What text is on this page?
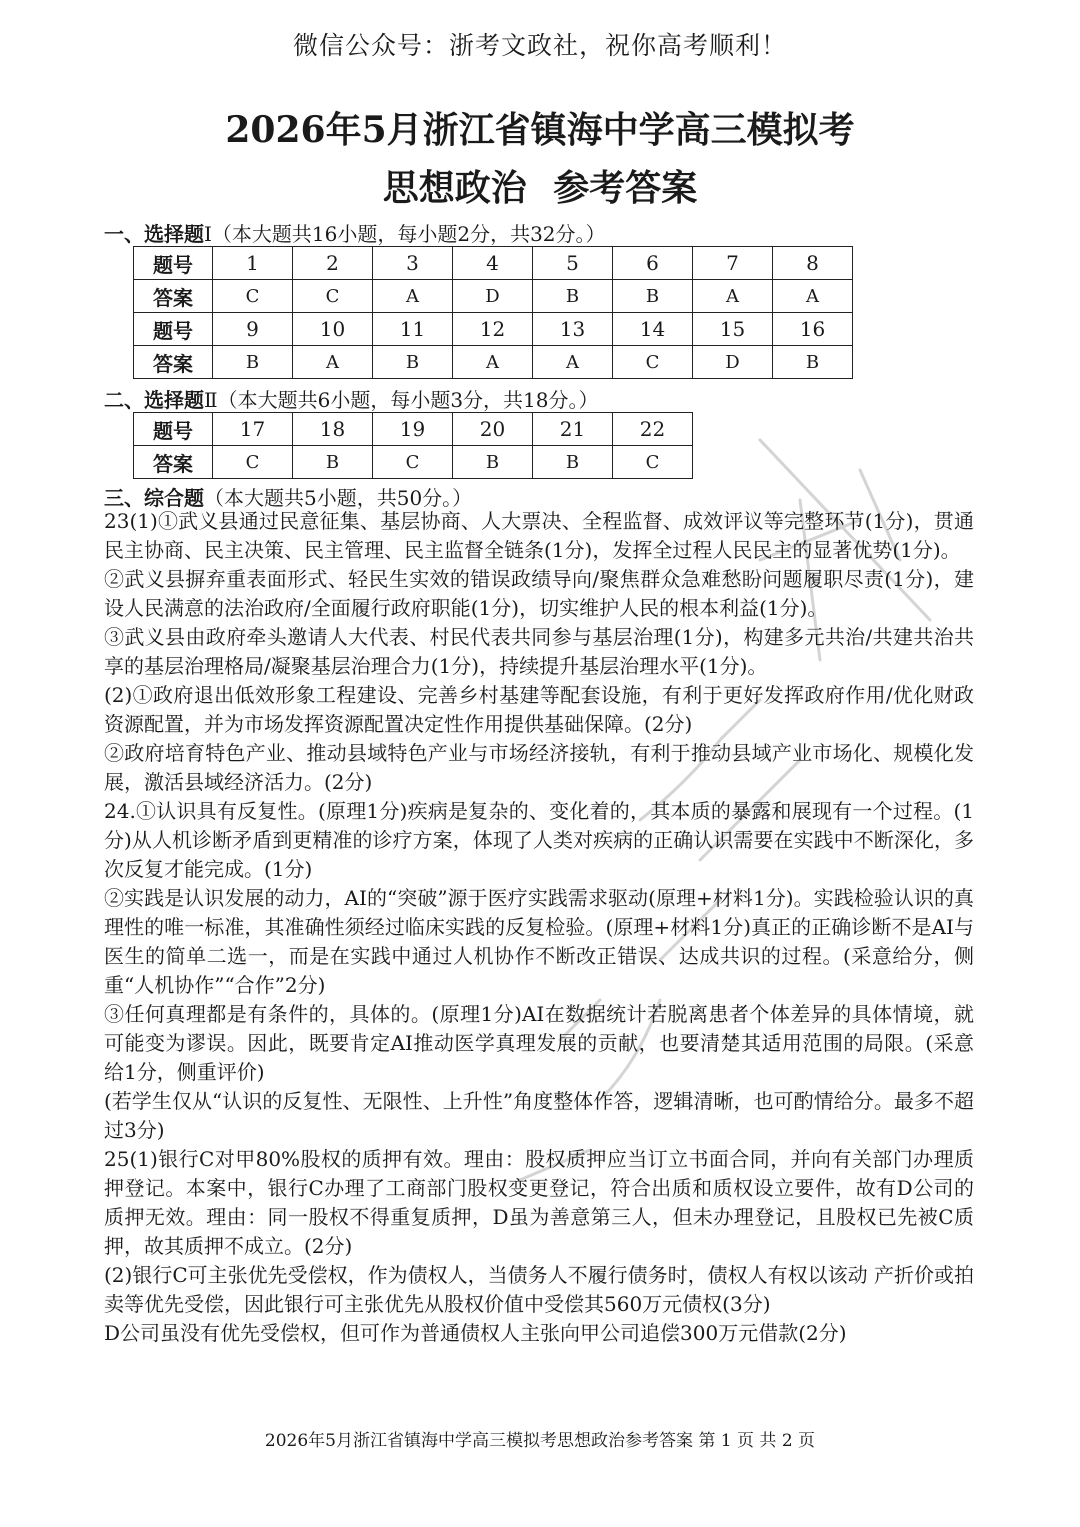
微信公众号：浙考文政社，祝你高考顺利！
2026年5月浙江省镇海中学高三模拟考
思想政治 参考答案
一、选择题I（本大题共16小题，每小题2分，共32分。）
题号	1	2	3	4	5	6	7	8
答案	C	C	A	D	B	B	A	A
题号	9	10	11	12	13	14	15	16
答案	B	A	B	A	A	C	D	B
二、选择题Ⅱ（本大题共6小题，每小题3分，共18分。）
题号	17	18	19	20	21	22
答案	C	B	C	B	B	C
三、综合题（本大题共5小题，共50分。）

23(1)①武义县通过民意征集、基层协商、人大票决、全程监督、成效评议等完整环节(1分)，贯通民主协商、民主决策、民主管理、民主监督全链条(1分)，发挥全过程人民民主的显著优势(1分)。

②武义县摒弃重表面形式、轻民生实效的错误政绩导向/聚焦群众急难愁盼问题履职尽责(1分)，建设人民满意的法治政府/全面履行政府职能(1分)，切实维护人民的根本利益(1分)。

③武义县由政府牵头邀请人大代表、村民代表共同参与基层治理(1分)，构建多元共治/共建共治共享的基层治理格局/凝聚基层治理合力(1分)，持续提升基层治理水平(1分)。

(2)①政府退出低效形象工程建设、完善乡村基建等配套设施，有利于更好发挥政府作用/优化财政资源配置，并为市场发挥资源配置决定性作用提供基础保障。(2分)

②政府培育特色产业、推动县域特色产业与市场经济接轨，有利于推动县域产业市场化、规模化发展，激活县域经济活力。(2分)

24.①认识具有反复性。(原理1分)疾病是复杂的、变化着的，其本质的暴露和展现有一个过程。(1分)从人机诊断矛盾到更精准的诊疗方案，体现了人类对疾病的正确认识需要在实践中不断深化，多次反复才能完成。(1分)

②实践是认识发展的动力，AI的“突破”源于医疗实践需求驱动(原理+材料1分)。实践检验认识的真理性的唯一标准，其准确性须经过临床实践的反复检验。(原理+材料1分)真正的正确诊断不是AI与医生的简单二选一，而是在实践中通过人机协作不断改正错误、达成共识的过程。(采意给分，侧重“人机协作”“合作”2分)

③任何真理都是有条件的，具体的。(原理1分)AI在数据统计若脱离患者个体差异的具体情境，就可能变为谬误。因此，既要肯定AI推动医学真理发展的贡献，也要清楚其适用范围的局限。(采意给1分，侧重评价)

(若学生仅从“认识的反复性、无限性、上升性”角度整体作答，逻辑清晰，也可酌情给分。最多不超过3分)

25(1)银行C对甲80%股权的质押有效。理由：股权质押应当订立书面合同，并向有关部门办理质押登记。本案中，银行C办理了工商部门股权变更登记，符合出质和质权设立要件，故有D公司的质押无效。理由：同一股权不得重复质押，D虽为善意第三人，但未办理登记，且股权已先被C质押，故其质押不成立。(2分)

(2)银行C可主张优先受偿权，作为债权人，当债务人不履行债务时，债权人有权以该动 产折价或拍卖等优先受偿，因此银行可主张优先从股权价值中受偿其560万元债权(3分)

D公司虽没有优先受偿权，但可作为普通债权人主张向甲公司追偿300万元借款(2分)

2026年5月浙江省镇海中学高三模拟考思想政治参考答案 第 1 页 共 2 页
